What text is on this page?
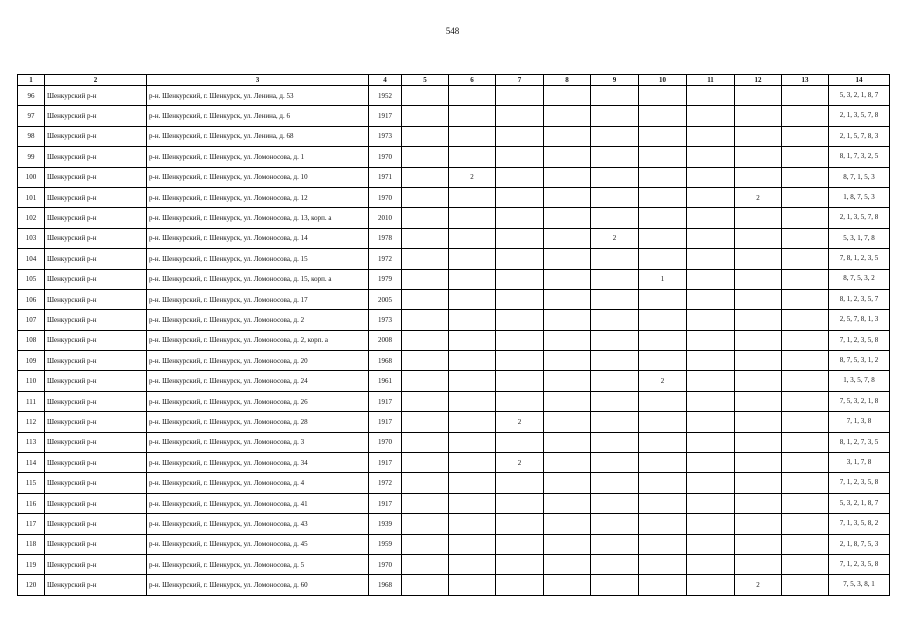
548
1	2	3	4	5	6	7	8	9	10	11	12	13	14
96	Шенкурский р-н	р-н. Шенкурский, г. Шенкурск, ул. Ленина, д. 53	1952										5, 3, 2, 1, 8, 7
97	Шенкурский р-н	р-н. Шенкурский, г. Шенкурск, ул. Ленина, д. 6	1917										2, 1, 3, 5, 7, 8
98	Шенкурский р-н	р-н. Шенкурский, г. Шенкурск, ул. Ленина, д. 68	1973										2, 1, 5, 7, 8, 3
99	Шенкурский р-н	р-н. Шенкурский, г. Шенкурск, ул. Ломоносова, д. 1	1970										8, 1, 7, 3, 2, 5
100	Шенкурский р-н	р-н. Шенкурский, г. Шенкурск, ул. Ломоносова, д. 10	1971		2								8, 7, 1, 5, 3
101	Шенкурский р-н	р-н. Шенкурский, г. Шенкурск, ул. Ломоносова, д. 12	1970								2		1, 8, 7, 5, 3
102	Шенкурский р-н	р-н. Шенкурский, г. Шенкурск, ул. Ломоносова, д. 13, корп. а	2010										2, 1, 3, 5, 7, 8
103	Шенкурский р-н	р-н. Шенкурский, г. Шенкурск, ул. Ломоносова, д. 14	1978					2					5, 3, 1, 7, 8
104	Шенкурский р-н	р-н. Шенкурский, г. Шенкурск, ул. Ломоносова, д. 15	1972										7, 8, 1, 2, 3, 5
105	Шенкурский р-н	р-н. Шенкурский, г. Шенкурск, ул. Ломоносова, д. 15, корп. а	1979						1				8, 7, 5, 3, 2
106	Шенкурский р-н	р-н. Шенкурский, г. Шенкурск, ул. Ломоносова, д. 17	2005										8, 1, 2, 3, 5, 7
107	Шенкурский р-н	р-н. Шенкурский, г. Шенкурск, ул. Ломоносова, д. 2	1973										2, 5, 7, 8, 1, 3
108	Шенкурский р-н	р-н. Шенкурский, г. Шенкурск, ул. Ломоносова, д. 2, корп. а	2008										7, 1, 2, 3, 5, 8
109	Шенкурский р-н	р-н. Шенкурский, г. Шенкурск, ул. Ломоносова, д. 20	1968										8, 7, 5, 3, 1, 2
110	Шенкурский р-н	р-н. Шенкурский, г. Шенкурск, ул. Ломоносова, д. 24	1961						2				1, 3, 5, 7, 8
111	Шенкурский р-н	р-н. Шенкурский, г. Шенкурск, ул. Ломоносова, д. 26	1917										7, 5, 3, 2, 1, 8
112	Шенкурский р-н	р-н. Шенкурский, г. Шенкурск, ул. Ломоносова, д. 28	1917			2							7, 1, 3, 8
113	Шенкурский р-н	р-н. Шенкурский, г. Шенкурск, ул. Ломоносова, д. 3	1970										8, 1, 2, 7, 3, 5
114	Шенкурский р-н	р-н. Шенкурский, г. Шенкурск, ул. Ломоносова, д. 34	1917			2							3, 1, 7, 8
115	Шенкурский р-н	р-н. Шенкурский, г. Шенкурск, ул. Ломоносова, д. 4	1972										7, 1, 2, 3, 5, 8
116	Шенкурский р-н	р-н. Шенкурский, г. Шенкурск, ул. Ломоносова, д. 41	1917										5, 3, 2, 1, 8, 7
117	Шенкурский р-н	р-н. Шенкурский, г. Шенкурск, ул. Ломоносова, д. 43	1939										7, 1, 3, 5, 8, 2
118	Шенкурский р-н	р-н. Шенкурский, г. Шенкурск, ул. Ломоносова, д. 45	1959										2, 1, 8, 7, 5, 3
119	Шенкурский р-н	р-н. Шенкурский, г. Шенкурск, ул. Ломоносова, д. 5	1970										7, 1, 2, 3, 5, 8
120	Шенкурский р-н	р-н. Шенкурский, г. Шенкурск, ул. Ломоносова, д. 60	1968								2		7, 5, 3, 8, 1
